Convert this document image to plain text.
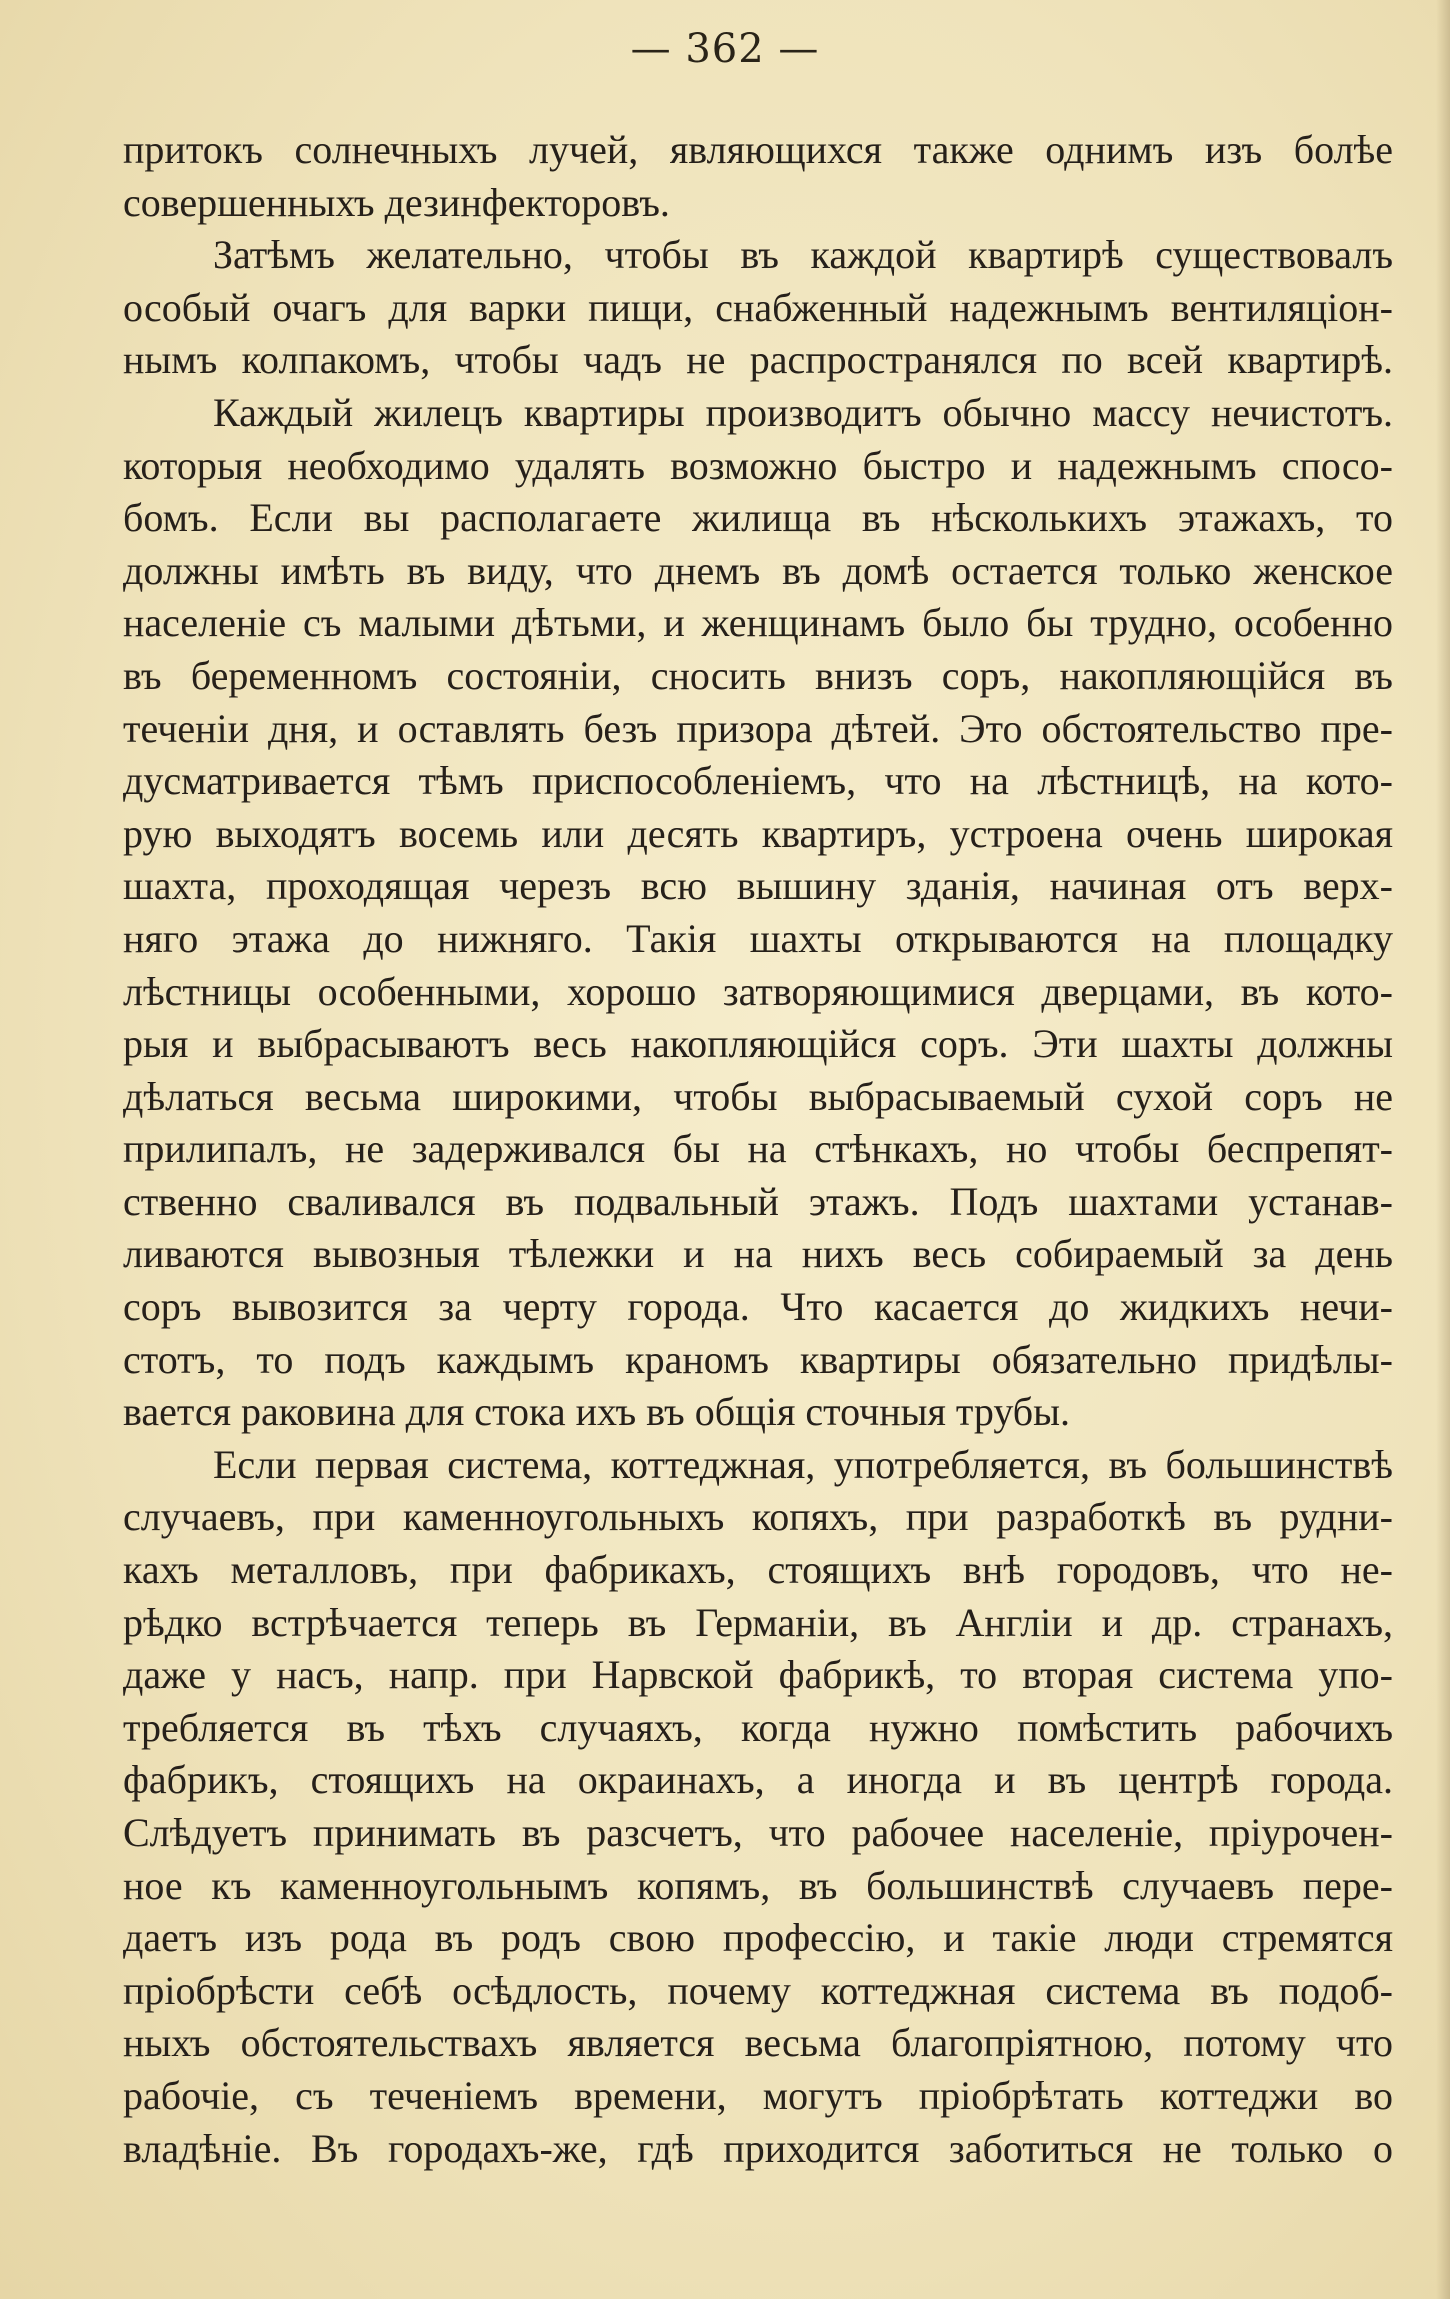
— 362 —
притокъ солнечныхъ лучей, являющихся также однимъ изъ болѣе
совершенныхъ дезинфекторовъ.
Затѣмъ желательно, чтобы въ каждой квартирѣ существовалъ
особый очагъ для варки пищи, снабженный надежнымъ вентиляціон-
нымъ колпакомъ, чтобы чадъ не распространялся по всей квартирѣ.
Каждый жилецъ квартиры производитъ обычно массу нечистотъ.
которыя необходимо удалять возможно быстро и надежнымъ спосо-
бомъ. Если вы располагаете жилища въ нѣсколькихъ этажахъ, то
должны имѣть въ виду, что днемъ въ домѣ остается только женское
населеніе съ малыми дѣтьми, и женщинамъ было бы трудно, особенно
въ беременномъ состояніи, сносить внизъ соръ, накопляющійся въ
теченіи дня, и оставлять безъ призора дѣтей. Это обстоятельство пре-
дусматривается тѣмъ приспособленіемъ, что на лѣстницѣ, на кото-
рую выходятъ восемь или десять квартиръ, устроена очень широкая
шахта, проходящая черезъ всю вышину зданія, начиная отъ верх-
няго этажа до нижняго. Такія шахты открываются на площадку
лѣстницы особенными, хорошо затворяющимися дверцами, въ кото-
рыя и выбрасываютъ весь накопляющійся соръ. Эти шахты должны
дѣлаться весьма широкими, чтобы выбрасываемый сухой соръ не
прилипалъ, не задерживался бы на стѣнкахъ, но чтобы беспрепят-
ственно сваливался въ подвальный этажъ. Подъ шахтами устанав-
ливаются вывозныя тѣлежки и на нихъ весь собираемый за день
соръ вывозится за черту города. Что касается до жидкихъ нечи-
стотъ, то подъ каждымъ краномъ квартиры обязательно придѣлы-
вается раковина для стока ихъ въ общія сточныя трубы.
Если первая система, коттеджная, употребляется, въ большинствѣ
случаевъ, при каменноугольныхъ копяхъ, при разработкѣ въ рудни-
кахъ металловъ, при фабрикахъ, стоящихъ внѣ городовъ, что не-
рѣдко встрѣчается теперь въ Германіи, въ Англіи и др. странахъ,
даже у насъ, напр. при Нарвской фабрикѣ, то вторая система упо-
требляется въ тѣхъ случаяхъ, когда нужно помѣстить рабочихъ
фабрикъ, стоящихъ на окраинахъ, а иногда и въ центрѣ города.
Слѣдуетъ принимать въ разсчетъ, что рабочее населеніе, пріурочен-
ное къ каменноугольнымъ копямъ, въ большинствѣ случаевъ пере-
даетъ изъ рода въ родъ свою профессію, и такіе люди стремятся
пріобрѣсти себѣ осѣдлость, почему коттеджная система въ подоб-
ныхъ обстоятельствахъ является весьма благопріятною, потому что
рабочіе, съ теченіемъ времени, могутъ пріобрѣтать коттеджи во
владѣніе. Въ городахъ-же, гдѣ приходится заботиться не только о
